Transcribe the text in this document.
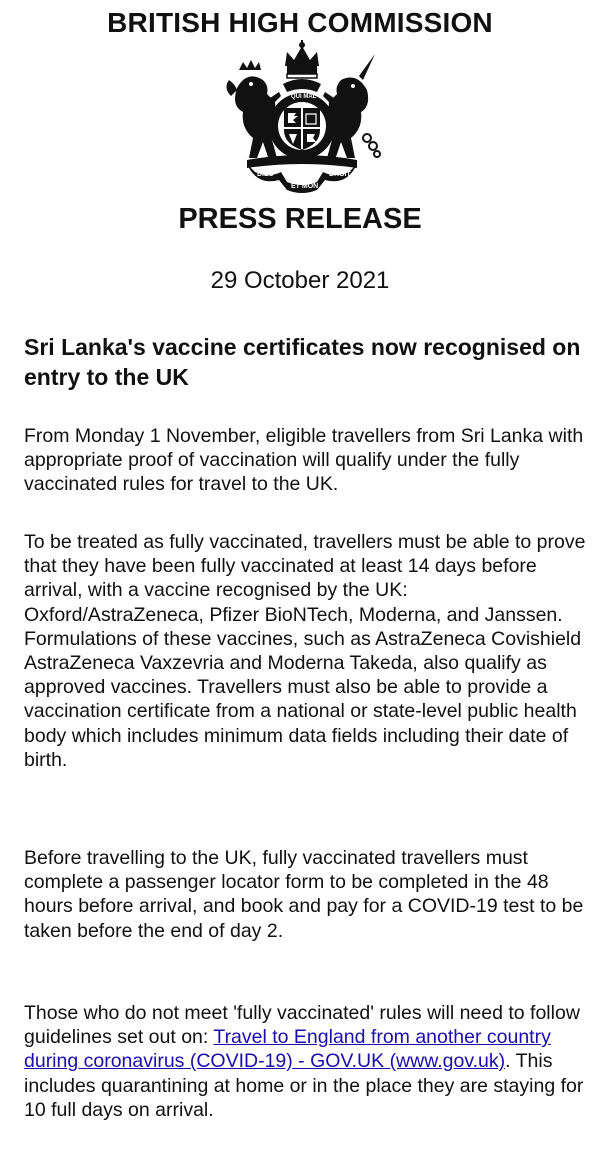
BRITISH HIGH COMMISSION
QUI MAL
DIEU
ET MON
DROIT
PRESS RELEASE
29 October 2021
Sri Lanka's vaccine certificates now recognised on entry to the UK

From Monday 1 November, eligible travellers from Sri Lanka with appropriate proof of vaccination will qualify under the fully vaccinated rules for travel to the UK.

To be treated as fully vaccinated, travellers must be able to prove that they have been fully vaccinated at least 14 days before arrival, with a vaccine recognised by the UK: Oxford/AstraZeneca, Pfizer BioNTech, Moderna, and Janssen. Formulations of these vaccines, such as AstraZeneca Covishield AstraZeneca Vaxzevria and Moderna Takeda, also qualify as approved vaccines. Travellers must also be able to provide a vaccination certificate from a national or state-level public health body which includes minimum data fields including their date of birth.

Before travelling to the UK, fully vaccinated travellers must complete a passenger locator form to be completed in the 48 hours before arrival, and book and pay for a COVID-19 test to be taken before the end of day 2.

Those who do not meet 'fully vaccinated' rules will need to follow guidelines set out on: Travel to England from another country during coronavirus (COVID-19) - GOV.UK (www.gov.uk). This includes quarantining at home or in the place they are staying for 10 full days on arrival.
